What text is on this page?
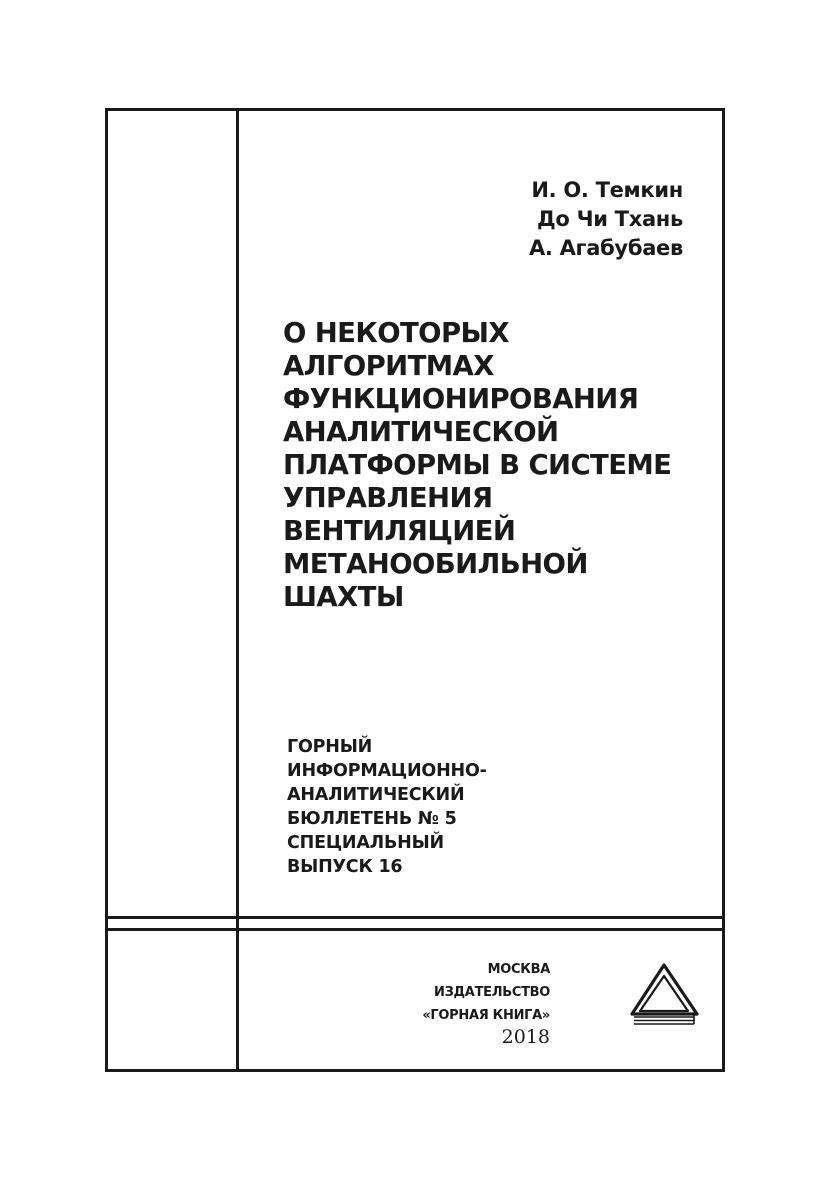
И. О. Темкин
До Чи Тхань
А. Агабубаев
О НЕКОТОРЫХ
АЛГОРИТМАХ
ФУНКЦИОНИРОВАНИЯ
АНАЛИТИЧЕСКОЙ
ПЛАТФОРМЫ В СИСТЕМЕ
УПРАВЛЕНИЯ
ВЕНТИЛЯЦИЕЙ
МЕТАНООБИЛЬНОЙ
ШАХТЫ
ГОРНЫЙ
ИНФОРМАЦИОННО-
АНАЛИТИЧЕСКИЙ
БЮЛЛЕТЕНЬ № 5
СПЕЦИАЛЬНЫЙ
ВЫПУСК 16
МОСКВА
ИЗДАТЕЛЬСТВО
«ГОРНАЯ КНИГА»
2018
